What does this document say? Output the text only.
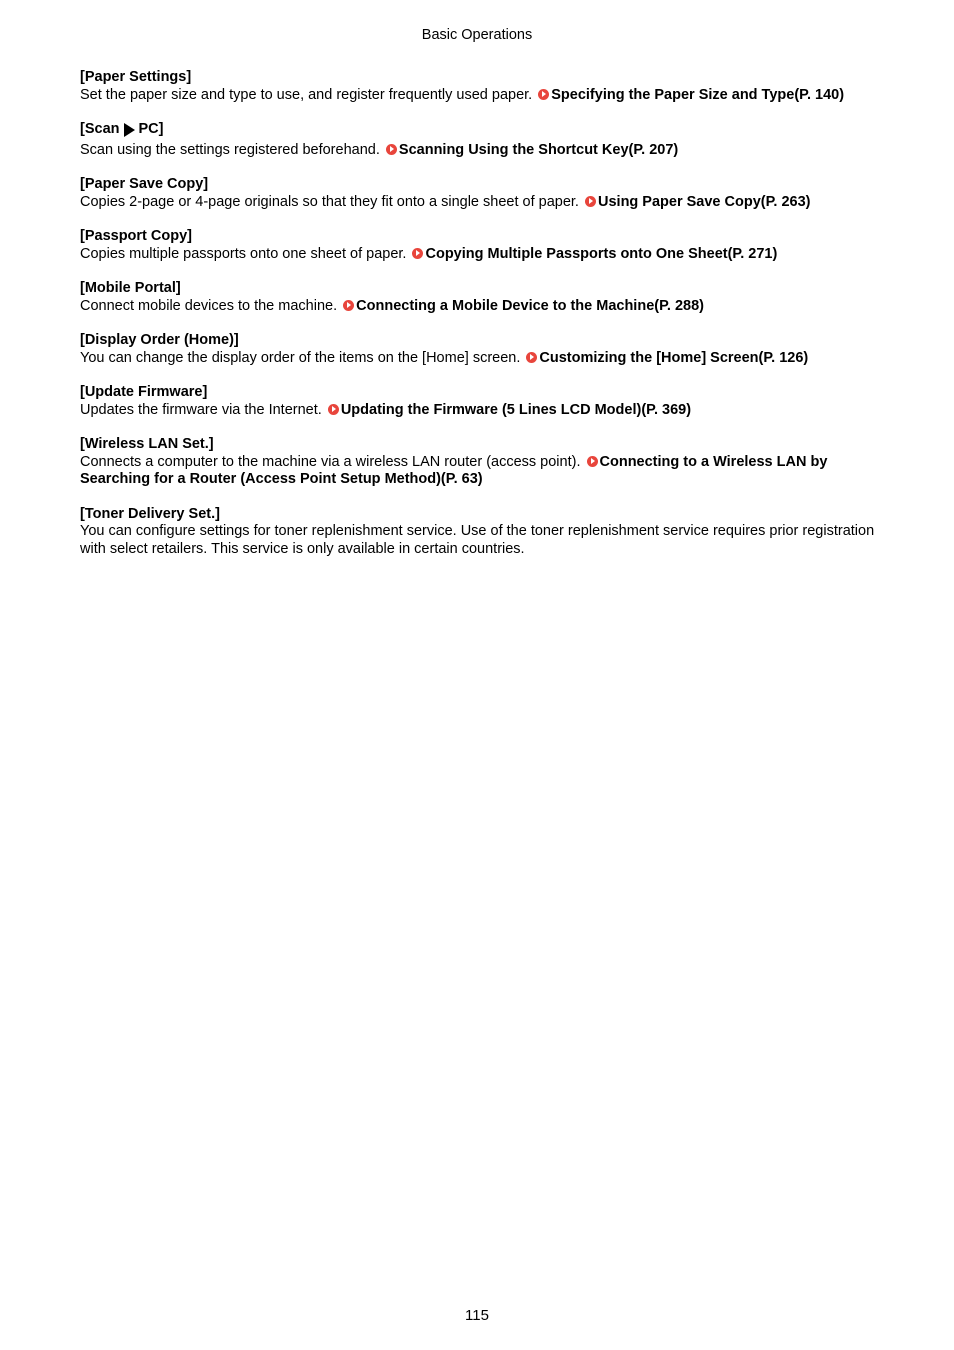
Basic Operations
[Paper Settings]
Set the paper size and type to use, and register frequently used paper. Specifying the Paper Size and Type(P. 140)
[Scan PC]
Scan using the settings registered beforehand. Scanning Using the Shortcut Key(P. 207)
[Paper Save Copy]
Copies 2-page or 4-page originals so that they fit onto a single sheet of paper. Using Paper Save Copy(P. 263)
[Passport Copy]
Copies multiple passports onto one sheet of paper. Copying Multiple Passports onto One Sheet(P. 271)
[Mobile Portal]
Connect mobile devices to the machine. Connecting a Mobile Device to the Machine(P. 288)
[Display Order (Home)]
You can change the display order of the items on the [Home] screen. Customizing the [Home] Screen(P. 126)
[Update Firmware]
Updates the firmware via the Internet. Updating the Firmware (5 Lines LCD Model)(P. 369)
[Wireless LAN Set.]
Connects a computer to the machine via a wireless LAN router (access point). Connecting to a Wireless LAN by Searching for a Router (Access Point Setup Method)(P. 63)
[Toner Delivery Set.]
You can configure settings for toner replenishment service. Use of the toner replenishment service requires prior registration with select retailers. This service is only available in certain countries.
115
